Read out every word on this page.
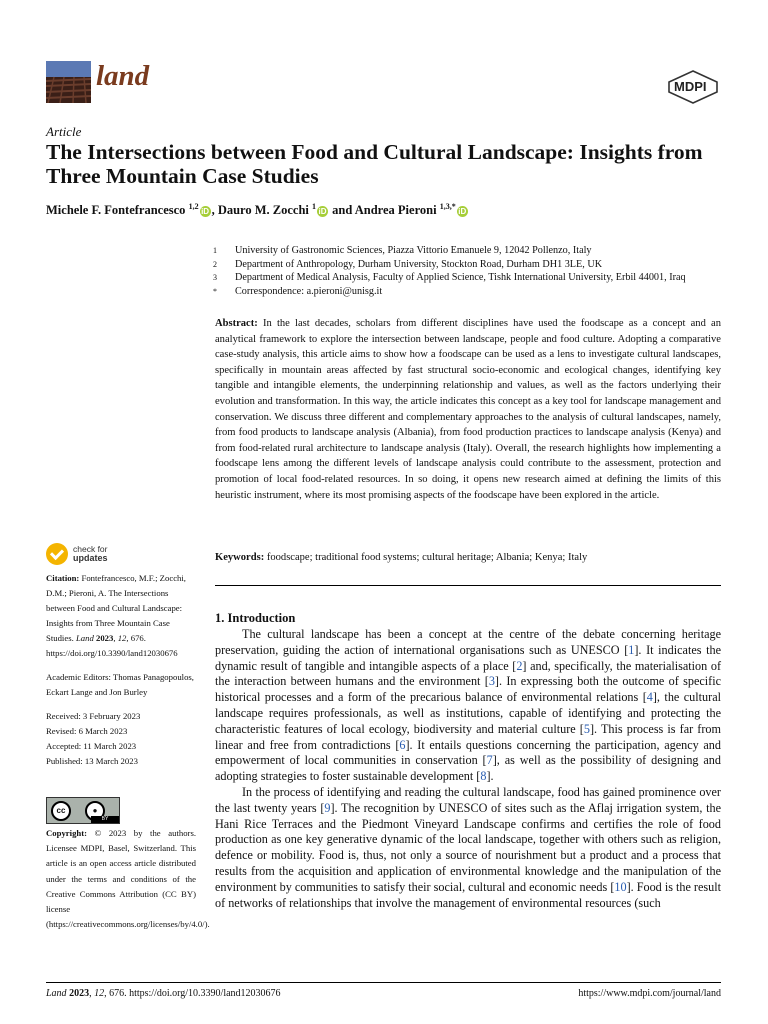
land	MDPI
Article
The Intersections between Food and Cultural Landscape: Insights from Three Mountain Case Studies
Michele F. Fontefrancesco $^{1,2}$iD , Dauro M. Zocchi $^1$iD and Andrea Pieroni $^{1,3,*}$iD
1	University of Gastronomic Sciences, Piazza Vittorio Emanuele 9, 12042 Pollenzo, Italy
2	Department of Anthropology, Durham University, Stockton Road, Durham DH1 3LE, UK
3	Department of Medical Analysis, Faculty of Applied Science, Tishk International University, Erbil 44001, Iraq
*	Correspondence: a.pieroni@unisg.it
Abstract: In the last decades, scholars from different disciplines have used the foodscape as a concept and an analytical framework to explore the intersection between landscape, people and food culture. Adopting a comparative case-study analysis, this article aims to show how a foodscape can be used as a lens to investigate cultural landscapes, specifically in mountain areas affected by fast structural socio-economic and ecological changes, identifying key tangible and intangible elements, the underpinning relationship and values, as well as the factors underlying their evolution and transformation. In this way, the article indicates this concept as a key tool for landscape management and conservation. We discuss three different and complementary approaches to the analysis of cultural landscapes, namely, from food products to landscape analysis (Albania), from food production practices to landscape analysis (Kenya) and from food-related rural architecture to landscape analysis (Italy). Overall, the research highlights how implementing a foodscape lens among the different levels of landscape analysis could contribute to the assessment, protection and promotion of local food-related resources. In so doing, it opens new research aimed at defining the limits of this heuristic instrument, where its most promising aspects of the foodscape have been explored in the article.
Keywords: foodscape; traditional food systems; cultural heritage; Albania; Kenya; Italy
check for
updates
Citation: Fontefrancesco, M.F.; Zocchi, D.M.; Pieroni, A. The Intersections between Food and Cultural Landscape: Insights from Three Mountain Case Studies. Land 2023, 12, 676. https://doi.org/10.3390/land12030676
Academic Editors: Thomas Panagopoulos, Eckart Lange and Jon Burley
Received: 3 February 2023
Revised: 6 March 2023
Accepted: 11 March 2023
Published: 13 March 2023
cc	●
BY
Copyright: © 2023 by the authors. Licensee MDPI, Basel, Switzerland. This article is an open access article distributed under the terms and conditions of the Creative Commons Attribution (CC BY) license (https://creativecommons.org/licenses/by/4.0/).
1. Introduction

The cultural landscape has been a concept at the centre of the debate concerning heritage preservation, guiding the action of international organisations such as UNESCO [1]. It indicates the dynamic result of tangible and intangible aspects of a place [2] and, specifically, the materialisation of the interaction between humans and the environment [3]. In expressing both the outcome of specific historical processes and a form of the precarious balance of environmental relations [4], the cultural landscape requires professionals, as well as institutions, capable of identifying and protecting the characteristic features of local ecology, biodiversity and material culture [5]. This process is far from linear and free from contradictions [6]. It entails questions concerning the participation, agency and empowerment of local communities in conservation [7], as well as the possibility of designing and adopting strategies to foster sustainable development [8].

In the process of identifying and reading the cultural landscape, food has gained prominence over the last twenty years [9]. The recognition by UNESCO of sites such as the Aflaj irrigation system, the Hani Rice Terraces and the Piedmont Vineyard Landscape confirms and certifies the role of food production as one key generative dynamic of the local landscape, together with others such as religion, defence or mobility. Food is, thus, not only a source of nourishment but a product and a process that results from the acquisition and application of environmental knowledge and the manipulation of the environment by communities to satisfy their social, cultural and economic needs [10]. Food is the result of networks of relationships that involve the management of environmental resources (such

Land 2023, 12, 676. https://doi.org/10.3390/land12030676	https://www.mdpi.com/journal/land
